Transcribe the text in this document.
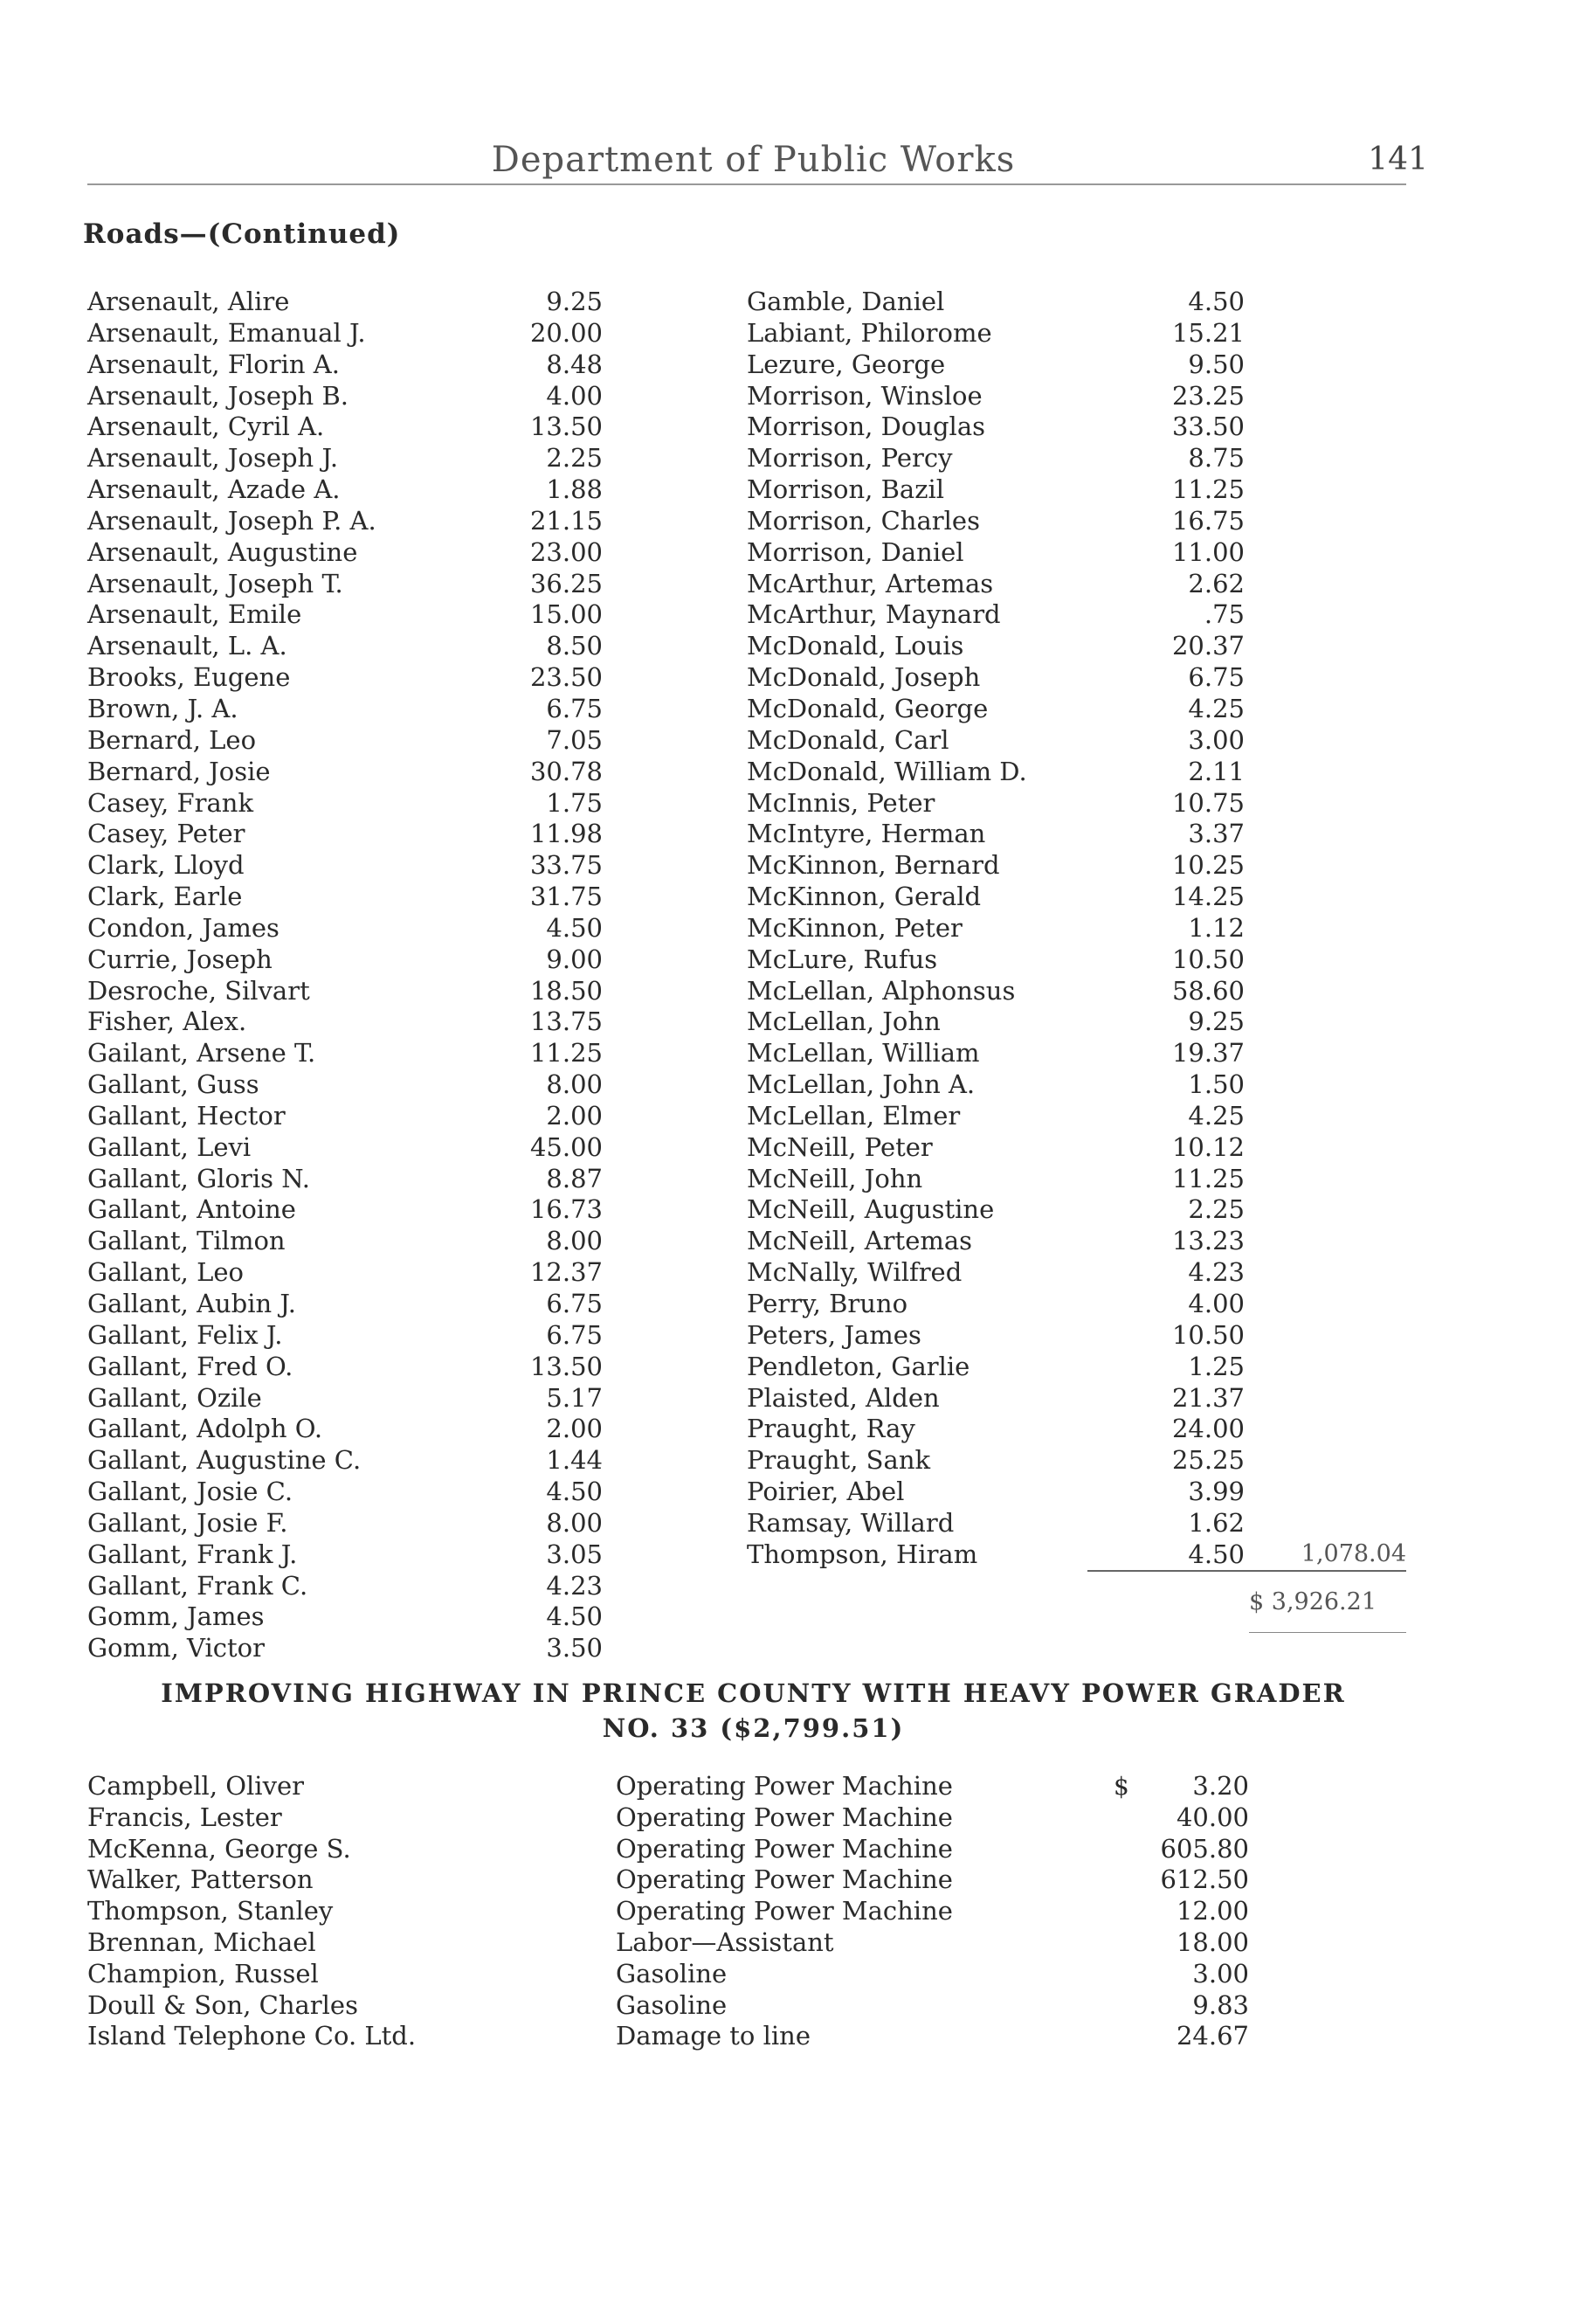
Department of Public Works	141
Roads—(Continued)
Arsenault, Alire	9.25
Arsenault, Emanual J.	20.00
Arsenault, Florin A.	8.48
Arsenault, Joseph B.	4.00
Arsenault, Cyril A.	13.50
Arsenault, Joseph J.	2.25
Arsenault, Azade A.	1.88
Arsenault, Joseph P. A.	21.15
Arsenault, Augustine	23.00
Arsenault, Joseph T.	36.25
Arsenault, Emile	15.00
Arsenault, L. A.	8.50
Brooks, Eugene	23.50
Brown, J. A.	6.75
Bernard, Leo	7.05
Bernard, Josie	30.78
Casey, Frank	1.75
Casey, Peter	11.98
Clark, Lloyd	33.75
Clark, Earle	31.75
Condon, James	4.50
Currie, Joseph	9.00
Desroche, Silvart	18.50
Fisher, Alex.	13.75
Gailant, Arsene T.	11.25
Gallant, Guss	8.00
Gallant, Hector	2.00
Gallant, Levi	45.00
Gallant, Gloris N.	8.87
Gallant, Antoine	16.73
Gallant, Tilmon	8.00
Gallant, Leo	12.37
Gallant, Aubin J.	6.75
Gallant, Felix J.	6.75
Gallant, Fred O.	13.50
Gallant, Ozile	5.17
Gallant, Adolph O.	2.00
Gallant, Augustine C.	1.44
Gallant, Josie C.	4.50
Gallant, Josie F.	8.00
Gallant, Frank J.	3.05
Gallant, Frank C.	4.23
Gomm, James	4.50
Gomm, Victor	3.50
Gamble, Daniel	4.50
Labiant, Philorome	15.21
Lezure, George	9.50
Morrison, Winsloe	23.25
Morrison, Douglas	33.50
Morrison, Percy	8.75
Morrison, Bazil	11.25
Morrison, Charles	16.75
Morrison, Daniel	11.00
McArthur, Artemas	2.62
McArthur, Maynard	.75
McDonald, Louis	20.37
McDonald, Joseph	6.75
McDonald, George	4.25
McDonald, Carl	3.00
McDonald, William D.	2.11
McInnis, Peter	10.75
McIntyre, Herman	3.37
McKinnon, Bernard	10.25
McKinnon, Gerald	14.25
McKinnon, Peter	1.12
McLure, Rufus	10.50
McLellan, Alphonsus	58.60
McLellan, John	9.25
McLellan, William	19.37
McLellan, John A.	1.50
McLellan, Elmer	4.25
McNeill, Peter	10.12
McNeill, John	11.25
McNeill, Augustine	2.25
McNeill, Artemas	13.23
McNally, Wilfred	4.23
Perry, Bruno	4.00
Peters, James	10.50
Pendleton, Garlie	1.25
Plaisted, Alden	21.37
Praught, Ray	24.00
Praught, Sank	25.25
Poirier, Abel	3.99
Ramsay, Willard	1.62
Thompson, Hiram	4.50	1,078.04
$ 3,926.21
IMPROVING HIGHWAY IN PRINCE COUNTY WITH HEAVY POWER GRADER
NO. 33 ($2,799.51)
Campbell, Oliver	Operating Power Machine	$	3.20
Francis, Lester	Operating Power Machine	40.00
McKenna, George S.	Operating Power Machine	605.80
Walker, Patterson	Operating Power Machine	612.50
Thompson, Stanley	Operating Power Machine	12.00
Brennan, Michael	Labor—Assistant	18.00
Champion, Russel	Gasoline	3.00
Doull & Son, Charles	Gasoline	9.83
Island Telephone Co. Ltd.	Damage to line	24.67
